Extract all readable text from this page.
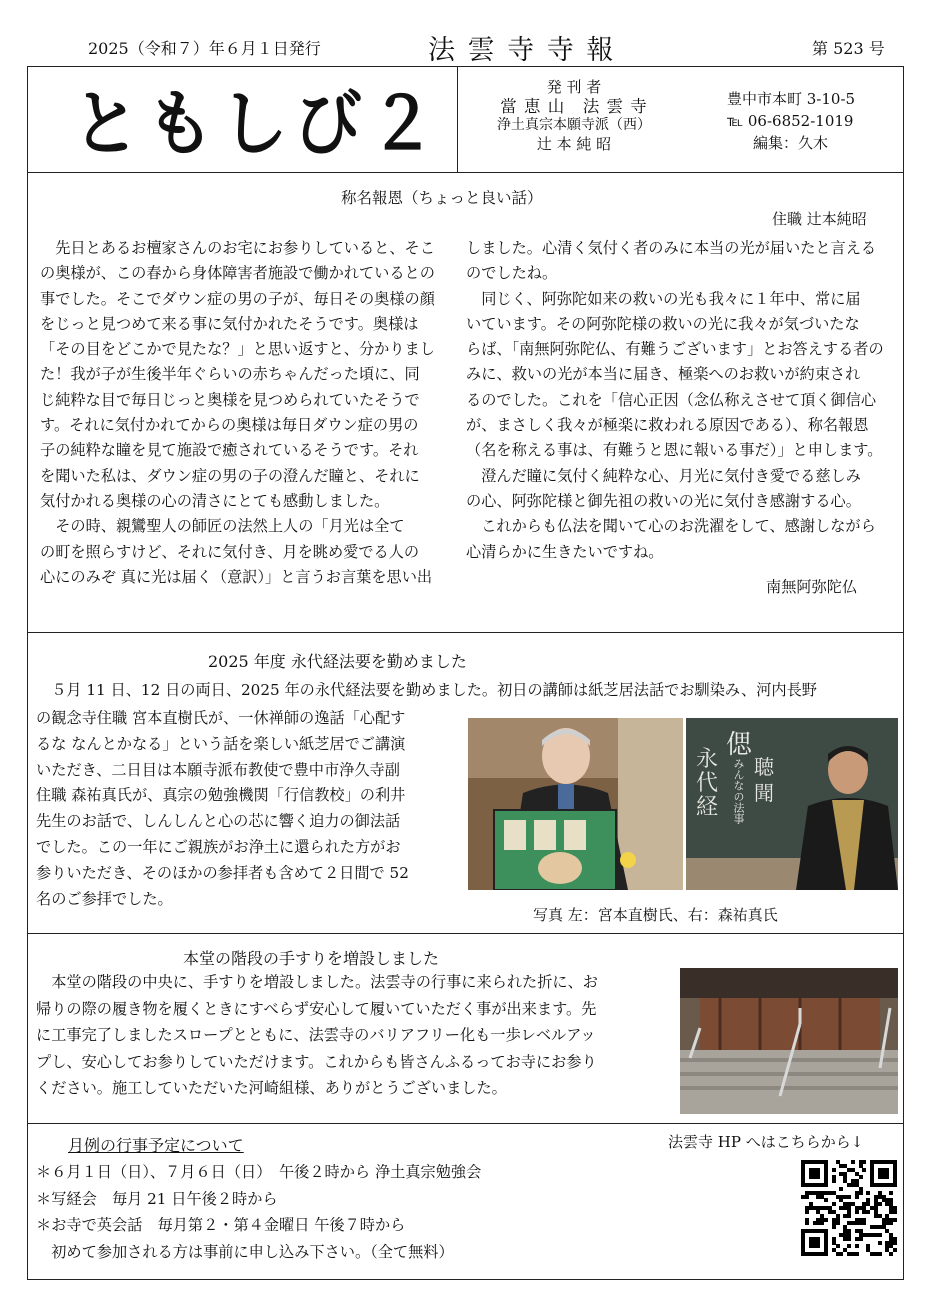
2025（令和７）年６月１日発行	法 雲 寺 寺 報	第 523 号
ともしび２	発 刊 者
當 恵 山　法 雲 寺
浄土真宗本願寺派（西）
辻 本 純 昭
豊中市本町 3-10-5
℡ 06-6852-1019
編集：久木
称名報恩（ちょっと良い話）
住職 辻本純昭

　先日とあるお檀家さんのお宅にお参りしていると、そこ

の奥様が、この春から身体障害者施設で働かれているとの

事でした。そこでダウン症の男の子が、毎日その奥様の顔

をじっと見つめて来る事に気付かれたそうです。奥様は

「その目をどこかで見たな？」と思い返すと、分かりまし

た！我が子が生後半年ぐらいの赤ちゃんだった頃に、同

じ純粋な目で毎日じっと奥様を見つめられていたそうで

す。それに気付かれてからの奥様は毎日ダウン症の男の

子の純粋な瞳を見て施設で癒されているそうです。それ

を聞いた私は、ダウン症の男の子の澄んだ瞳と、それに

気付かれる奥様の心の清さにとても感動しました。

　その時、親鸞聖人の師匠の法然上人の「月光は全て

の町を照らすけど、それに気付き、月を眺め愛でる人の

心にのみぞ 真に光は届く（意訳）」と言うお言葉を思い出

しました。心清く気付く者のみに本当の光が届いたと言える

のでしたね。

　同じく、阿弥陀如来の救いの光も我々に１年中、常に届

いています。その阿弥陀様の救いの光に我々が気づいたな

らば、「南無阿弥陀仏、有難うございます」とお答えする者の

みに、救いの光が本当に届き、極楽へのお救いが約束され

るのでした。これを「信心正因（念仏称えさせて頂く御信心

が、まさしく我々が極楽に救われる原因である）、称名報恩

（名を称える事は、有難うと恩に報いる事だ）」と申します。

　澄んだ瞳に気付く純粋な心、月光に気付き愛でる慈しみ

の心、阿弥陀様と御先祖の救いの光に気付き感謝する心。

　これからも仏法を聞いて心のお洗濯をして、感謝しながら

心清らかに生きたいですね。

南無阿弥陀仏
2025 年度 永代経法要を勤めました
　５月 11 日、12 日の両日、2025 年の永代経法要を勤めました。初日の講師は紙芝居法話でお馴染み、河内長野

の観念寺住職 宮本直樹氏が、一休禅師の逸話「心配す

るな なんとかなる」という話を楽しい紙芝居でご講演

いただき、二日目は本願寺派布教使で豊中市浄久寺副

住職 森祐真氏が、真宗の勉強機関「行信教校」の利井

先生のお話で、しんしんと心の芯に響く迫力の御法話

でした。この一年にご親族がお浄土に還られた方がお

参りいただき、そのほかの参拝者も含めて２日間で 52

名のご参拝でした。

偲
永
代
経 みんなの法事 聴
聞
写真 左：宮本直樹氏、右：森祐真氏
本堂の階段の手すりを増設しました

　本堂の階段の中央に、手すりを増設しました。法雲寺の行事に来られた折に、お

帰りの際の履き物を履くときにすべらず安心して履いていただく事が出来ます。先

に工事完了しましたスロープとともに、法雲寺のバリアフリー化も一歩レベルアッ

プし、安心してお参りしていただけます。これからも皆さんふるってお寺にお参り

ください。施工していただいた河崎組様、ありがとうございました。

月例の行事予定について

＊６月１日（日）、７月６日（日）　午後２時から 浄土真宗勉強会

＊写経会　毎月 21 日午後２時から

＊お寺で英会話　毎月第２・第４金曜日 午後７時から

　初めて参加される方は事前に申し込み下さい。（全て無料）

法雲寺 HP へはこちらから↓
